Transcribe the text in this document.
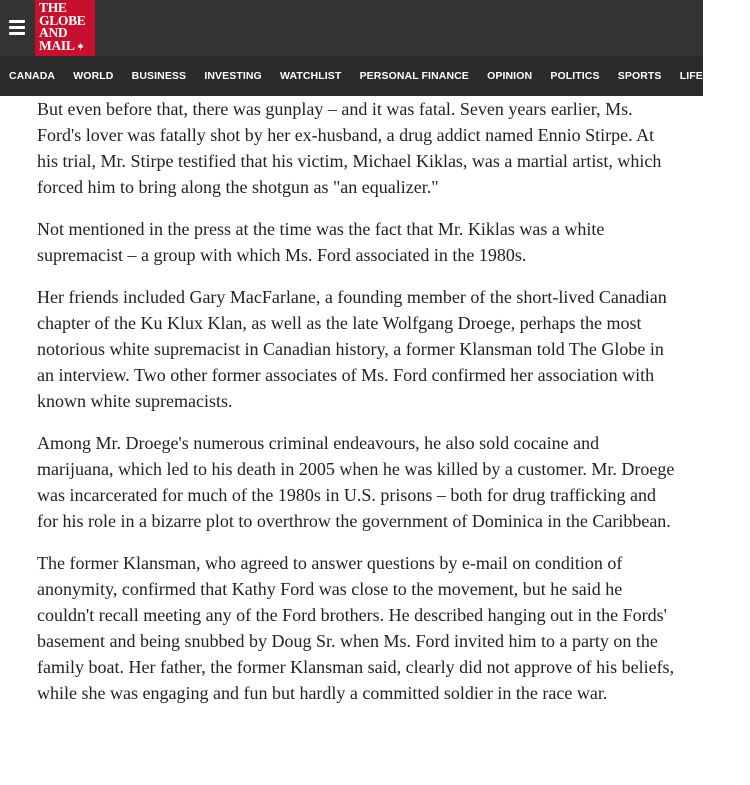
THE
GLOBE
AND
MAIL
CANADA WORLD BUSINESS INVESTING WATCHLIST PERSONAL FINANCE OPINION POLITICS SPORTS LIFE ARTS

But even before that, there was gunplay – and it was fatal. Seven years earlier, Ms. Ford's lover was fatally shot by her ex-husband, a drug addict named Ennio Stirpe. At his trial, Mr. Stirpe testified that his victim, Michael Kiklas, was a martial artist, which forced him to bring along the shotgun as "an equalizer."

Not mentioned in the press at the time was the fact that Mr. Kiklas was a white supremacist – a group with which Ms. Ford associated in the 1980s.

Her friends included Gary MacFarlane, a founding member of the short-lived Canadian chapter of the Ku Klux Klan, as well as the late Wolfgang Droege, perhaps the most notorious white supremacist in Canadian history, a former Klansman told The Globe in an interview. Two other former associates of Ms. Ford confirmed her association with known white supremacists.

Among Mr. Droege's numerous criminal endeavours, he also sold cocaine and marijuana, which led to his death in 2005 when he was killed by a customer. Mr. Droege was incarcerated for much of the 1980s in U.S. prisons – both for drug trafficking and for his role in a bizarre plot to overthrow the government of Dominica in the Caribbean.

The former Klansman, who agreed to answer questions by e-mail on condition of anonymity, confirmed that Kathy Ford was close to the movement, but he said he couldn't recall meeting any of the Ford brothers. He described hanging out in the Fords' basement and being snubbed by Doug Sr. when Ms. Ford invited him to a party on the family boat. Her father, the former Klansman said, clearly did not approve of his beliefs, while she was engaging and fun but hardly a committed soldier in the race war.
